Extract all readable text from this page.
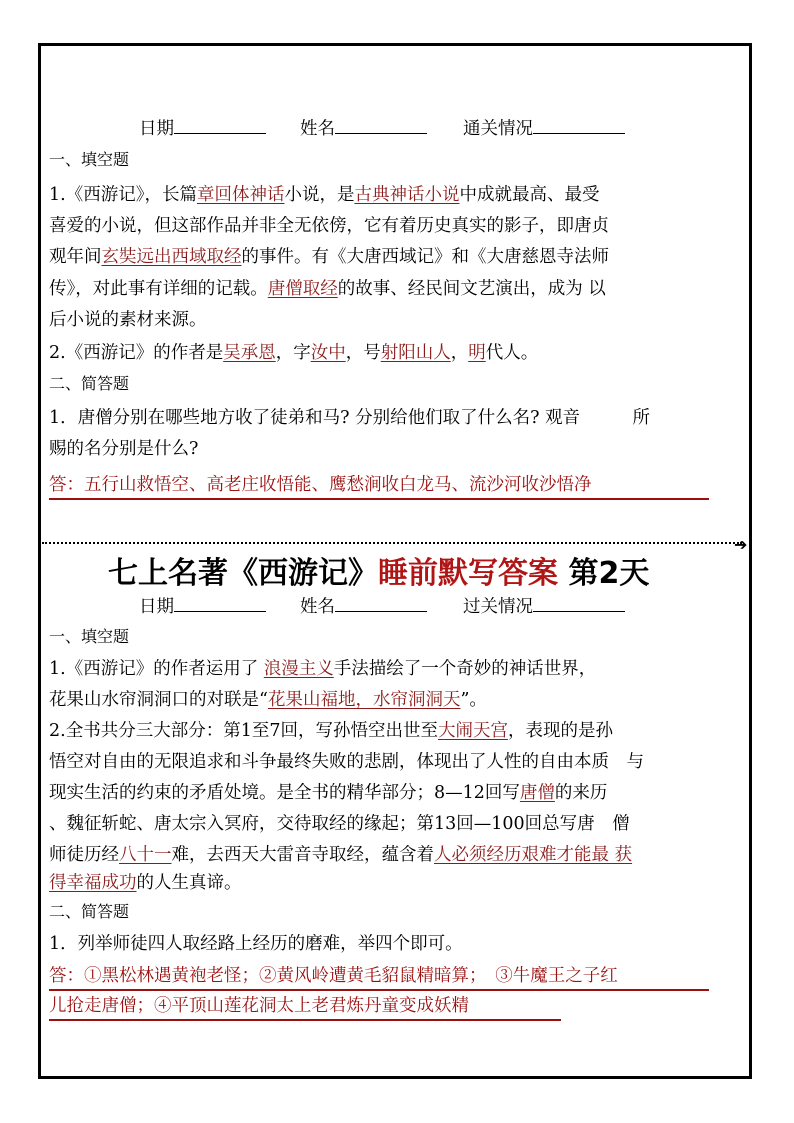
日期	姓名	通关情况
一、填空题
1.《西游记》，长篇章回体神话小说，是古典神话小说中成就最高、最受
喜爱的小说，但这部作品并非全无依傍，它有着历史真实的影子，即唐贞
观年间玄奘远出西域取经的事件。有《大唐西域记》和《大唐慈恩寺法师
传》，对此事有详细的记载。唐僧取经的故事、经民间文艺演出，成为 以
后小说的素材来源。
2.《西游记》的作者是吴承恩，字汝中，号射阳山人，明代人。
二、简答题
1．唐僧分别在哪些地方收了徒弟和马? 分别给他们取了什么名? 观音　　　所
赐的名分别是什么?
答：五行山救悟空、高老庄收悟能、鹰愁涧收白龙马、流沙河收沙悟净
➔
七上名著《西游记》睡前默写答案 第2天
日期	姓名	过关情况
一、填空题
1.《西游记》的作者运用了 浪漫主义手法描绘了一个奇妙的神话世界，
花果山水帘洞洞口的对联是“花果山福地，水帘洞洞天”。
2.全书共分三大部分：第1至7回，写孙悟空出世至大闹天宫，表现的是孙
悟空对自由的无限追求和斗争最终失败的悲剧，体现出了人性的自由本质　与
现实生活的约束的矛盾处境。是全书的精华部分；8—12回写唐僧的来历
、魏征斩蛇、唐太宗入冥府，交待取经的缘起；第13回—100回总写唐　僧
师徒历经八十一难，去西天大雷音寺取经，蕴含着人必须经历艰难才能最 获
得幸福成功的人生真谛。
二、简答题
1．列举师徒四人取经路上经历的磨难，举四个即可。
答：①黑松林遇黄袍老怪；②黄风岭遭黄毛貂鼠精暗算；　③牛魔王之子红
儿抢走唐僧；④平顶山莲花洞太上老君炼丹童变成妖精
